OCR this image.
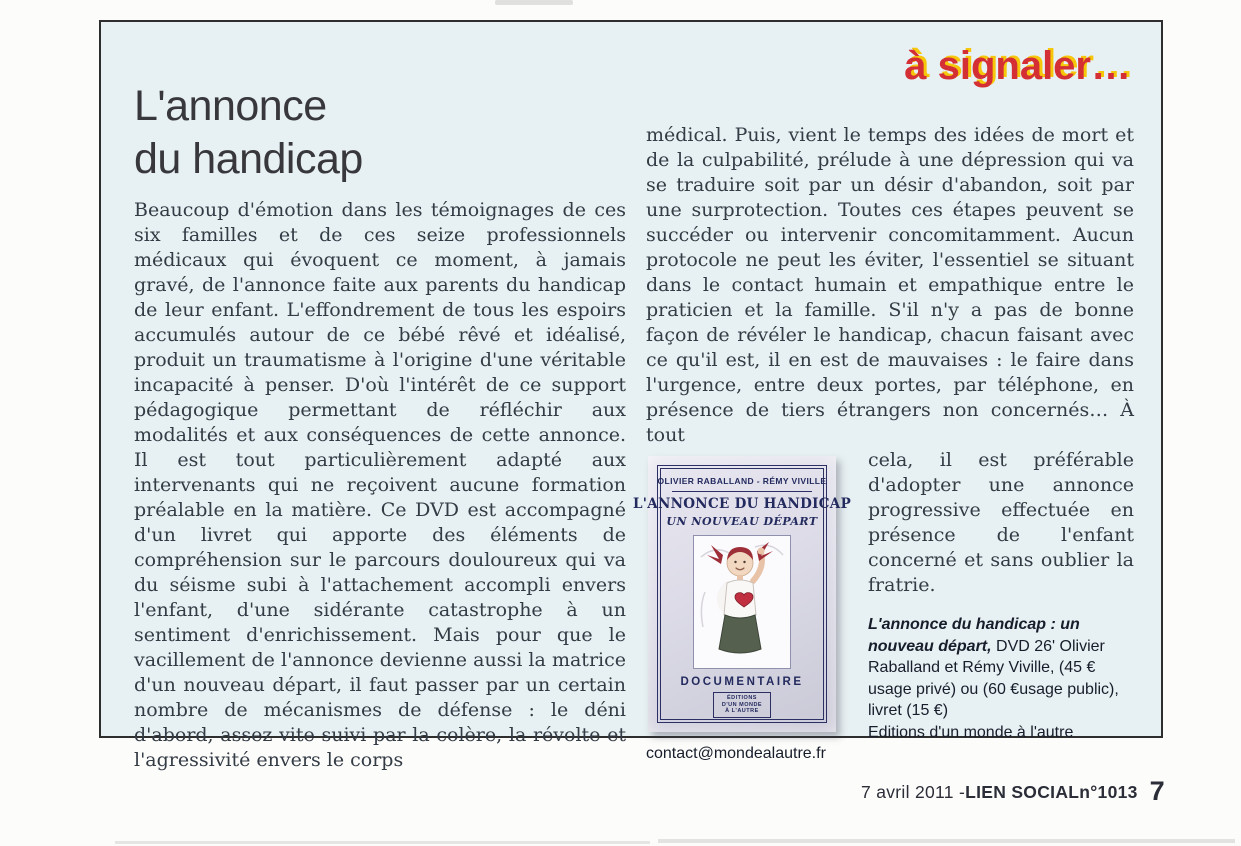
à signaler…
L'annonce
du handicap

Beaucoup d'émotion dans les témoignages de ces six familles et de ces seize professionnels médicaux qui évoquent ce moment, à jamais gravé, de l'annonce faite aux parents du handicap de leur enfant. L'effondrement de tous les espoirs accumulés autour de ce bébé rêvé et idéalisé, produit un traumatisme à l'origine d'une véritable incapacité à penser. D'où l'intérêt de ce support pédagogique permettant de réfléchir aux modalités et aux conséquences de cette annonce. Il est tout particulièrement adapté aux intervenants qui ne reçoivent aucune formation préalable en la matière. Ce DVD est accompagné d'un livret qui apporte des éléments de compréhension sur le parcours douloureux qui va du séisme subi à l'attachement accompli envers l'enfant, d'une sidérante catastrophe à un sentiment d'enrichissement. Mais pour que le vacillement de l'annonce devienne aussi la matrice d'un nouveau départ, il faut passer par un certain nombre de mécanismes de défense : le déni d'abord, assez vite suivi par la colère, la révolte et l'agressivité envers le corps

médical. Puis, vient le temps des idées de mort et de la culpabilité, prélude à une dépression qui va se traduire soit par un désir d'abandon, soit par une surprotection. Toutes ces étapes peuvent se succéder ou intervenir concomitamment. Aucun protocole ne peut les éviter, l'essentiel se situant dans le contact humain et empathique entre le praticien et la famille. S'il n'y a pas de bonne façon de révéler le handicap, chacun faisant avec ce qu'il est, il en est de mauvaises : le faire dans l'urgence, entre deux portes, par téléphone, en présence de tiers étrangers non concernés… À tout

OLIVIER RABALLAND - RÉMY VIVILLE
L'ANNONCE DU HANDICAP
UN NOUVEAU DÉPART
DOCUMENTAIRE
ÉDITIONS
D'UN MONDE
À L'AUTRE

cela, il est préférable d'adopter une annonce progressive effectuée en présence de l'enfant concerné et sans oublier la fratrie.

L'annonce du handicap : un nouveau départ, DVD 26' Olivier Raballand et Rémy Viville, (45 € usage privé) ou (60 €usage public), livret (15 €)

Editions d'un monde à l'autre

contact@mondealautre.fr

7 avril 2011 - LIEN SOCIAL n°1013 7
